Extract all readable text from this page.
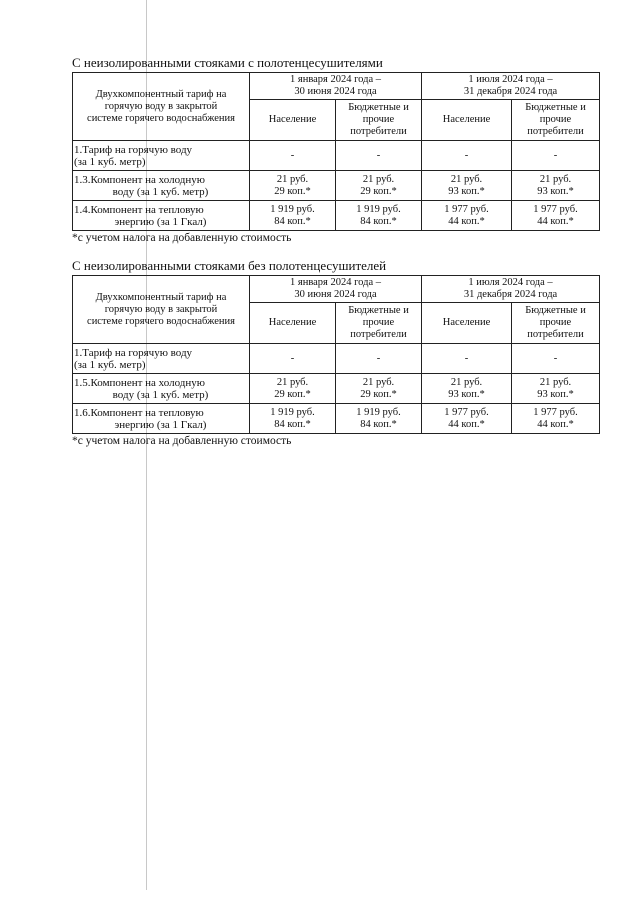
С неизолированными стояками с полотенцесушителями
Двухкомпонентный тариф на
горячую воду в закрытой
системе горячего водоснабжения	1 января 2024 года –
30 июня 2024 года		1 июля 2024 года –
31 декабря 2024 года	

	Население	Бюджетные и
прочие
потребители	Население	Бюджетные и
прочие
потребители

1.Тариф на горячую воду
(за 1 куб. метр)	-	-	-	-

1.3.Компонент на холодную
воду (за 1 куб. метр)	21 руб.
29 коп.*	21 руб.
29 коп.*	21 руб.
93 коп.*	21 руб.
93 коп.*

1.4.Компонент на тепловую
энергию (за 1 Гкал)	1 919 руб.
84 коп.*	1 919 руб.
84 коп.*	1 977 руб.
44 коп.*	1 977 руб.
44 коп.*
*с учетом налога на добавленную стоимость
С неизолированными стояками без полотенцесушителей
Двухкомпонентный тариф на
горячую воду в закрытой
системе горячего водоснабжения	1 января 2024 года –
30 июня 2024 года		1 июля 2024 года –
31 декабря 2024 года	

	Население	Бюджетные и
прочие
потребители	Население	Бюджетные и
прочие
потребители

1.Тариф на горячую воду
(за 1 куб. метр)	-	-	-	-

1.5.Компонент на холодную
воду (за 1 куб. метр)	21 руб.
29 коп.*	21 руб.
29 коп.*	21 руб.
93 коп.*	21 руб.
93 коп.*

1.6.Компонент на тепловую
энергию (за 1 Гкал)	1 919 руб.
84 коп.*	1 919 руб.
84 коп.*	1 977 руб.
44 коп.*	1 977 руб.
44 коп.*
*с учетом налога на добавленную стоимость
